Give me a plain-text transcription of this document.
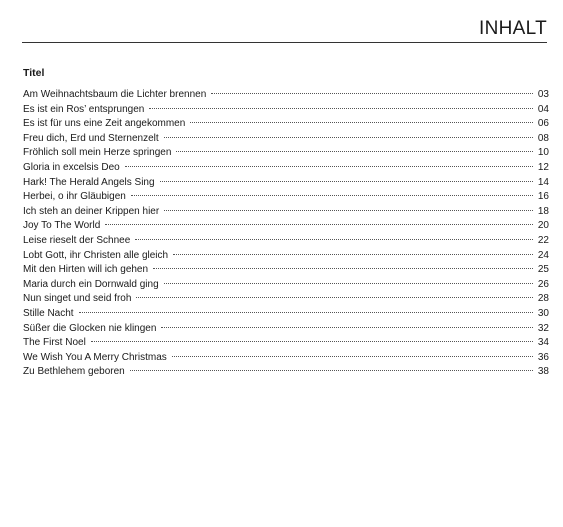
INHALT
Titel
Am Weihnachtsbaum die Lichter brennen	03
Es ist ein Ros’ entsprungen	04
Es ist für uns eine Zeit angekommen	06
Freu dich, Erd und Sternenzelt	08
Fröhlich soll mein Herze springen	10
Gloria in excelsis Deo	12
Hark! The Herald Angels Sing	14
Herbei, o ihr Gläubigen	16
Ich steh an deiner Krippen hier	18
Joy To The World	20
Leise rieselt der Schnee	22
Lobt Gott, ihr Christen alle gleich	24
Mit den Hirten will ich gehen	25
Maria durch ein Dornwald ging	26
Nun singet und seid froh	28
Stille Nacht	30
Süßer die Glocken nie klingen	32
The First Noel	34
We Wish You A Merry Christmas	36
Zu Bethlehem geboren	38
